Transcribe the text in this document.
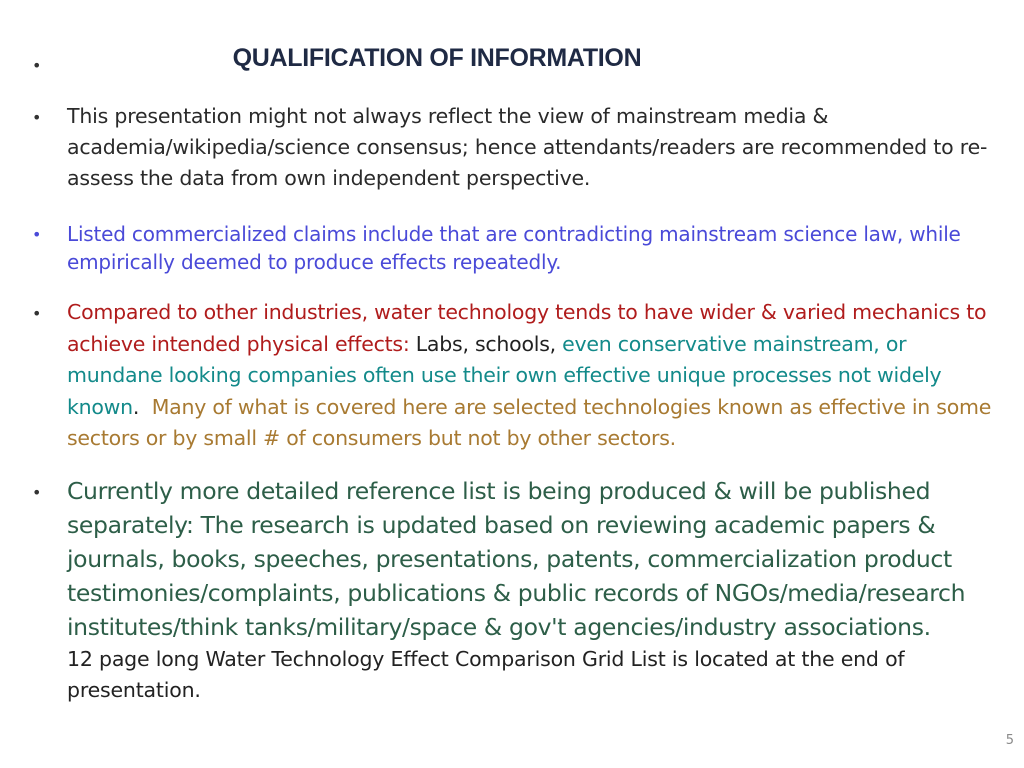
•	QUALIFICATION OF INFORMATION
• This presentation might not always reflect the view of mainstream media & academia/wikipedia/science consensus; hence attendants/readers are recommended to re-assess the data from own independent perspective.
• Listed commercialized claims include that are contradicting mainstream science law, while empirically deemed to produce effects repeatedly.
• Compared to other industries, water technology tends to have wider & varied mechanics to achieve intended physical effects: Labs, schools, even conservative mainstream, or mundane looking companies often use their own effective unique processes not widely known.  Many of what is covered here are selected technologies known as effective in some sectors or by small # of consumers but not by other sectors.
• Currently more detailed reference list is being produced & will be published separately: The research is updated based on reviewing academic papers & journals, books, speeches, presentations, patents, commercialization product testimonies/complaints, publications & public records of NGOs/media/research institutes/think tanks/military/space & gov't agencies/industry associations.
12 page long Water Technology Effect Comparison Grid List is located at the end of presentation.
5
